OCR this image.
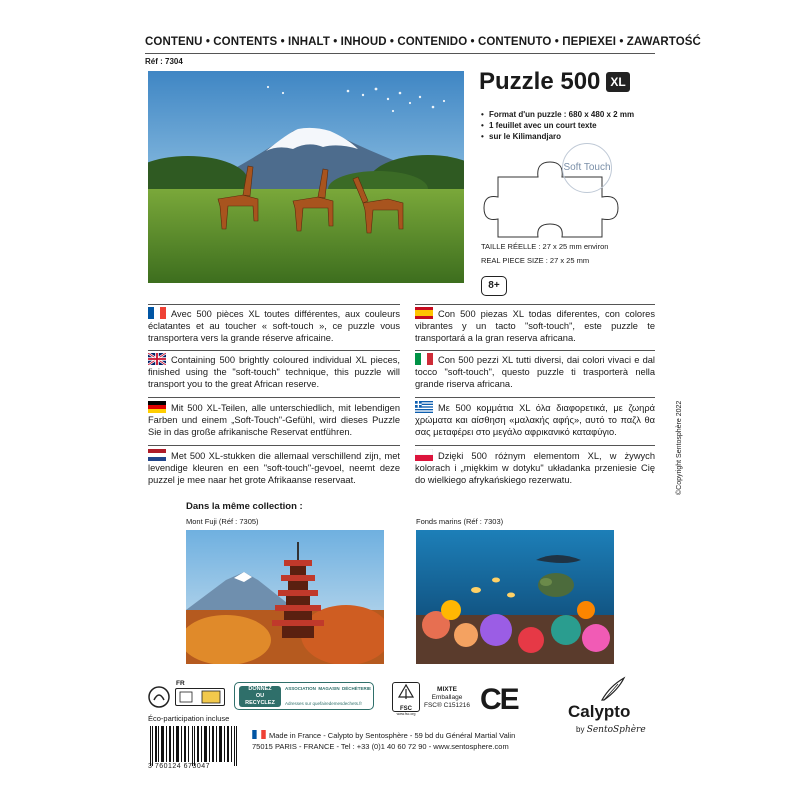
CONTENU • CONTENTS • INHALT • INHOUD • CONTENIDO • CONTENUTO • ΠΕΡΙΕΧΕΙ • ZAWARTOŚĆ
Réf : 7304
Puzzle 500 XL
• Format d'un puzzle : 680 x 480 x 2 mm
• 1 feuillet avec un court texte
• sur le Kilimandjaro
Soft Touch
TAILLE RÉELLE : 27 x 25 mm environ
REAL PIECE SIZE : 27 x 25 mm
8+
Avec 500 pièces XL toutes différentes, aux couleurs éclatantes et au toucher « soft-touch », ce puzzle vous transportera vers la grande réserve africaine.
Containing 500 brightly coloured individual XL pieces, finished using the "soft-touch" technique, this puzzle will transport you to the great African reserve.
Mit 500 XL-Teilen, alle unterschiedlich, mit lebendigen Farben und einem „Soft-Touch"-Gefühl, wird dieses Puzzle Sie in das große afrikanische Reservat entführen.
Met 500 XL-stukken die allemaal verschillend zijn, met levendige kleuren en een "soft-touch"-gevoel, neemt deze puzzel je mee naar het grote Afrikaanse reservaat.
Con 500 piezas XL todas diferentes, con colores vibrantes y un tacto "soft-touch", este puzzle te transportará a la gran reserva africana.
Con 500 pezzi XL tutti diversi, dai colori vivaci e dal tocco "soft-touch", questo puzzle ti trasporterà nella grande riserva africana.
Με 500 κομμάτια XL όλα διαφορετικά, με ζωηρά χρώματα και αίσθηση «μαλακής αφής», αυτό το παζλ θα σας μεταφέρει στο μεγάλο αφρικανικό καταφύγιο.
Dzięki 500 różnym elementom XL, w żywych kolorach i „miękkim w dotyku" układanka przeniesie Cię do wielkiego afrykańskiego rezerwatu.	©Copyright Sentosphère 2022
Dans la même collection :
Mont Fuji (Réf : 7305)	Fonds marins (Réf : 7303)
FR
Éco-participation incluse
DONNEZ
OU
RECYCLEZ
ASSOCIATION MAGASIN DÉCHÈTERIE
Adresses sur quefairedemesdechets.fr
FSC
www.fsc.org
MIXTE
Emballage
FSC® C151216 CE	Calypto
by SentoSphère
3 760124 673047
Made in France - Calypto by Sentosphère - 59 bd du Général Martial Valin
75015 PARIS - FRANCE - Tel : +33 (0)1 40 60 72 90 - www.sentosphere.com
